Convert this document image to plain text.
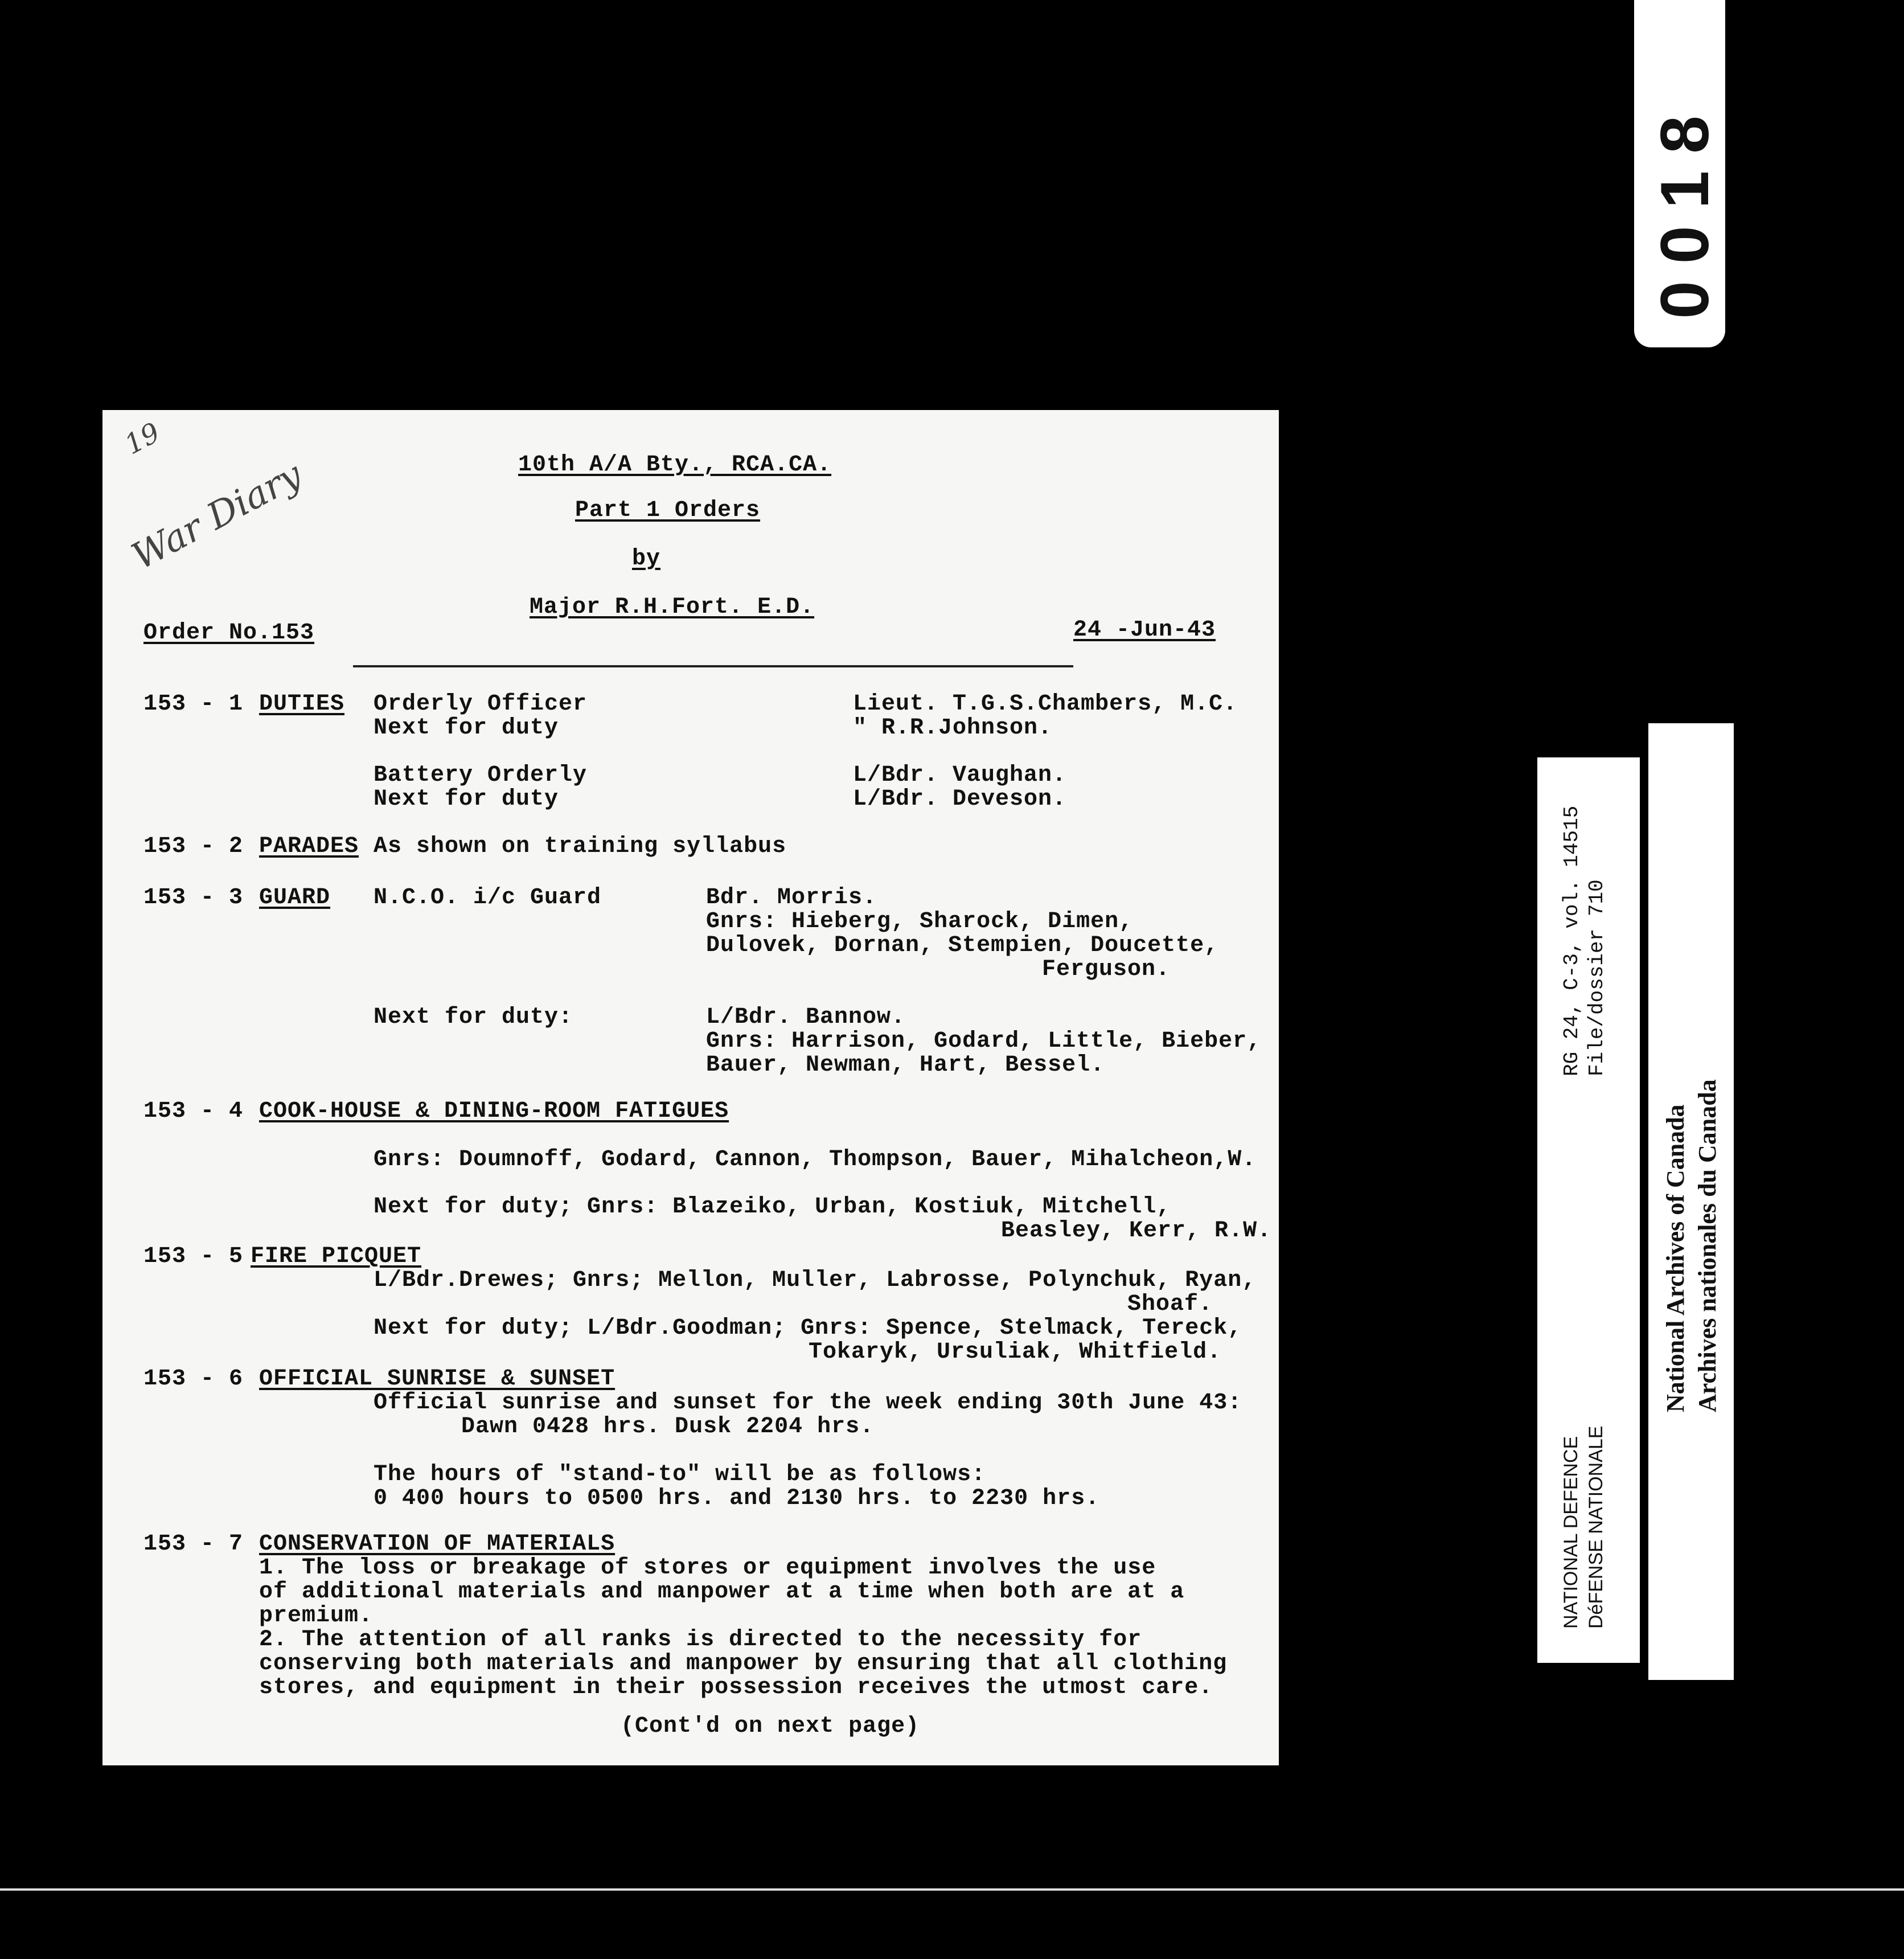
0018
RG 24, C-3, vol. 14515 File/dossier 710
NATIONAL DEFENCE DéFENSE NATIONALE
National Archives of Canada Archives nationales du Canada
19
War Diary	10th A/A Bty., RCA.CA.
Part 1 Orders
by
Major R.H.Fort. E.D.
Order No.153	24 -Jun-43
153 - 1 DUTIES Orderly Officer	Lieut. T.G.S.Chambers, M.C.
Next for duty	" R.R.Johnson.
Battery Orderly	L/Bdr. Vaughan.
Next for duty	L/Bdr. Deveson.
153 - 2 PARADES As shown on training syllabus
153 - 3 GUARD N.C.O. i/c Guard	Bdr. Morris.
Gnrs: Hieberg, Sharock, Dimen,
Dulovek, Dornan, Stempien, Doucette,
Ferguson.
Next for duty:	L/Bdr. Bannow.
Gnrs: Harrison, Godard, Little, Bieber,
Bauer, Newman, Hart, Bessel.
153 - 4 COOK-HOUSE & DINING-ROOM FATIGUES
Gnrs: Doumnoff, Godard, Cannon, Thompson, Bauer, Mihalcheon,W.
Next for duty; Gnrs: Blazeiko, Urban, Kostiuk, Mitchell,
Beasley, Kerr, R.W.
153 - 5 FIRE PICQUET
L/Bdr.Drewes; Gnrs; Mellon, Muller, Labrosse, Polynchuk, Ryan,
Shoaf.
Next for duty; L/Bdr.Goodman; Gnrs: Spence, Stelmack, Tereck,
Tokaryk, Ursuliak, Whitfield.
153 - 6 OFFICIAL SUNRISE & SUNSET
Official sunrise and sunset for the week ending 30th June 43:
Dawn 0428 hrs. Dusk 2204 hrs.
The hours of "stand-to" will be as follows:
0 400 hours to 0500 hrs. and 2130 hrs. to 2230 hrs.
153 - 7 CONSERVATION OF MATERIALS
1. The loss or breakage of stores or equipment involves the use
of additional materials and manpower at a time when both are at a
premium.
2. The attention of all ranks is directed to the necessity for
conserving both materials and manpower by ensuring that all clothing
stores, and equipment in their possession receives the utmost care.
(Cont'd on next page)
